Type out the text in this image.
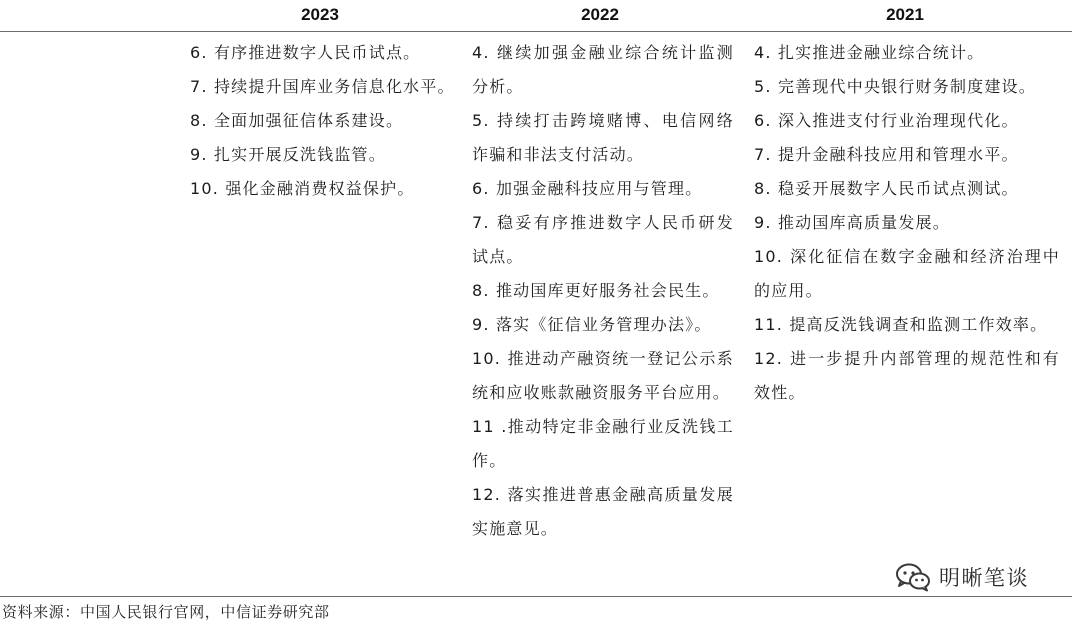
2023	2022	2021
6. 有序推进数字人民币试点。
7. 持续提升国库业务信息化水平。
8. 全面加强征信体系建设。
9. 扎实开展反洗钱监管。
10. 强化金融消费权益保护。
4. 继续加强金融业综合统计监测分析。
5. 持续打击跨境赌博、电信网络诈骗和非法支付活动。
6. 加强金融科技应用与管理。
7. 稳妥有序推进数字人民币研发试点。
8. 推动国库更好服务社会民生。
9. 落实《征信业务管理办法》。
10. 推进动产融资统一登记公示系统和应收账款融资服务平台应用。
11 .推动特定非金融行业反洗钱工作。
12. 落实推进普惠金融高质量发展实施意见。
4. 扎实推进金融业综合统计。
5. 完善现代中央银行财务制度建设。
6. 深入推进支付行业治理现代化。
7. 提升金融科技应用和管理水平。
8. 稳妥开展数字人民币试点测试。
9. 推动国库高质量发展。
10. 深化征信在数字金融和经济治理中的应用。
11. 提高反洗钱调查和监测工作效率。
12. 进一步提升内部管理的规范性和有效性。
明晰笔谈
资料来源：中国人民银行官网，中信证券研究部
